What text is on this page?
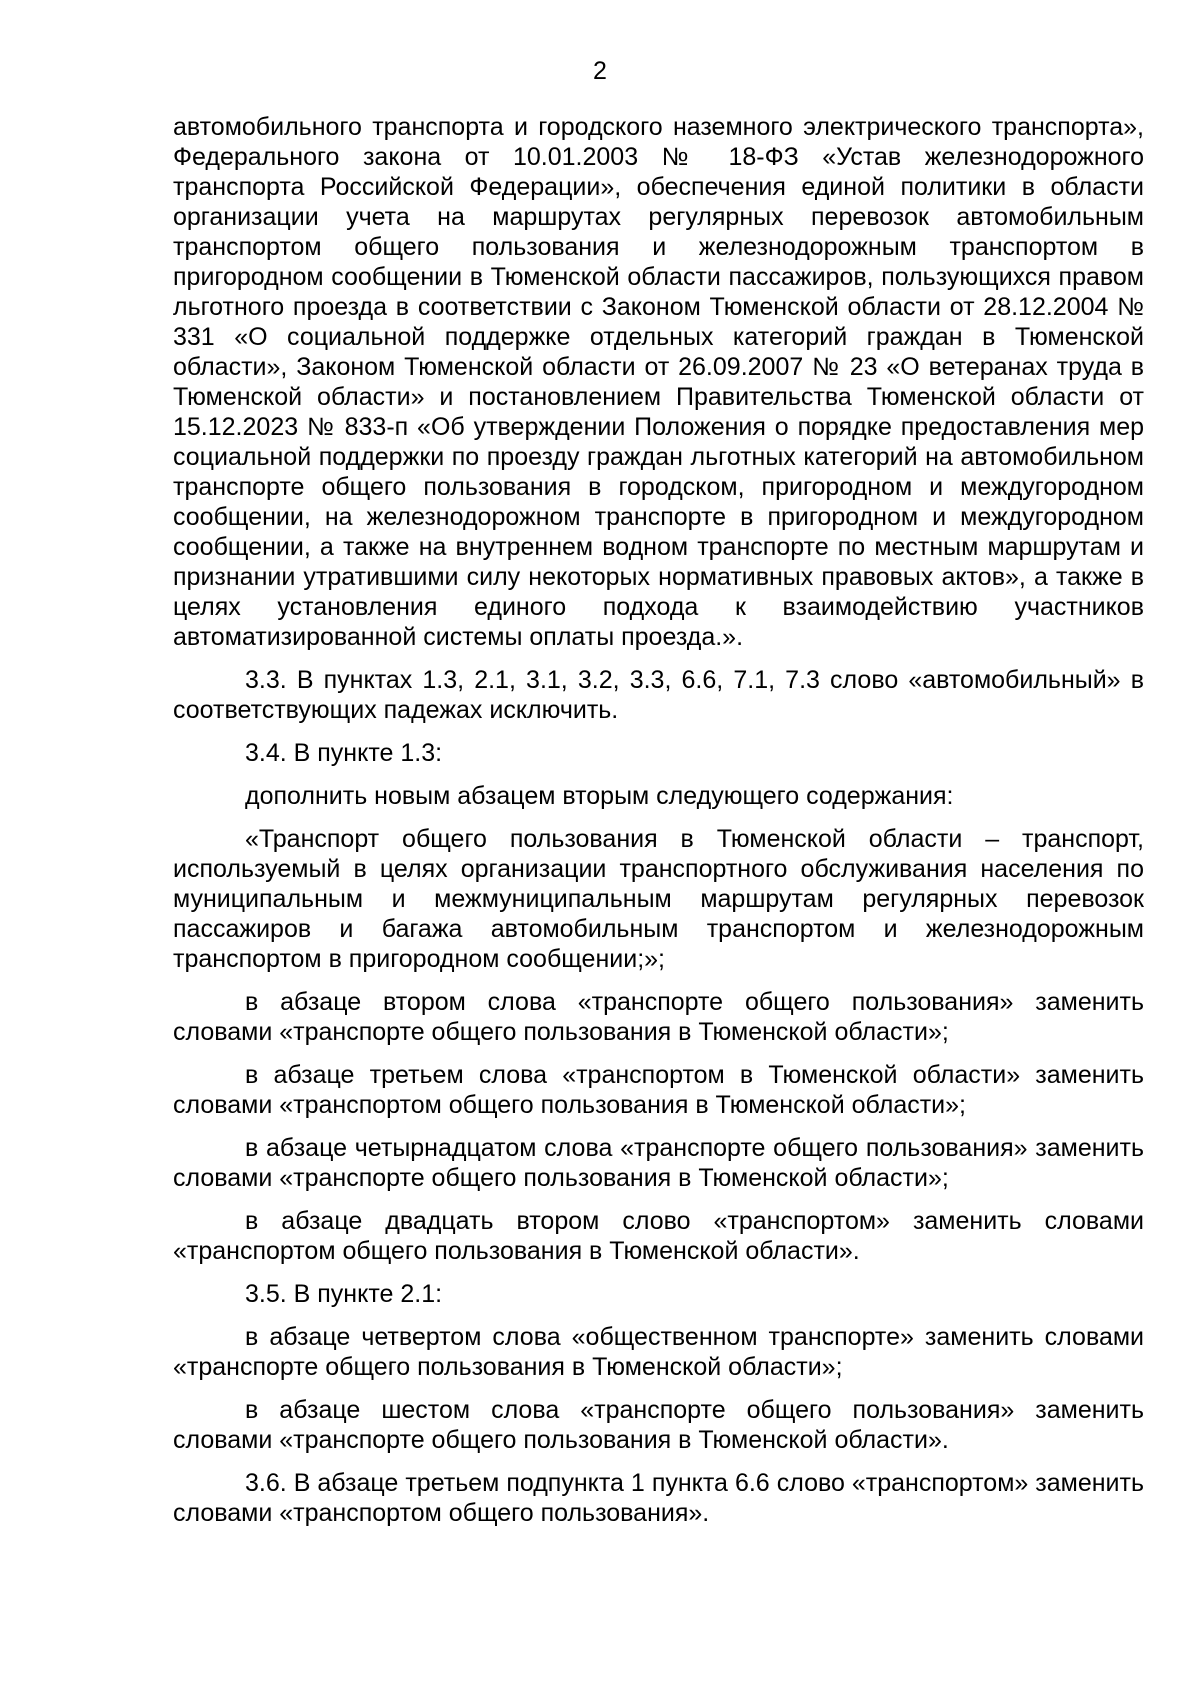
2

автомобильного транспорта и городского наземного электрического транспорта», Федерального закона от 10.01.2003 № 18-ФЗ «Устав железнодорожного транспорта Российской Федерации», обеспечения единой политики в области организации учета на маршрутах регулярных перевозок автомобильным транспортом общего пользования и железнодорожным транспортом в пригородном сообщении в Тюменской области пассажиров, пользующихся правом льготного проезда в соответствии с Законом Тюменской области от 28.12.2004 № 331 «О социальной поддержке отдельных категорий граждан в Тюменской области», Законом Тюменской области от 26.09.2007 № 23 «О ветеранах труда в Тюменской области» и постановлением Правительства Тюменской области от 15.12.2023 № 833-п «Об утверждении Положения о порядке предоставления мер социальной поддержки по проезду граждан льготных категорий на автомобильном транспорте общего пользования в городском, пригородном и междугородном сообщении, на железнодорожном транспорте в пригородном и междугородном сообщении, а также на внутреннем водном транспорте по местным маршрутам и признании утратившими силу некоторых нормативных правовых актов», а также в целях установления единого подхода к взаимодействию участников автоматизированной системы оплаты проезда.».

3.3. В пунктах 1.3, 2.1, 3.1, 3.2, 3.3, 6.6, 7.1, 7.3 слово «автомобильный» в соответствующих падежах исключить.

3.4. В пункте 1.3:

дополнить новым абзацем вторым следующего содержания:

«Транспорт общего пользования в Тюменской области – транспорт, используемый в целях организации транспортного обслуживания населения по муниципальным и межмуниципальным маршрутам регулярных перевозок пассажиров и багажа автомобильным транспортом и железнодорожным транспортом в пригородном сообщении;»;

в абзаце втором слова «транспорте общего пользования» заменить словами «транспорте общего пользования в Тюменской области»;

в абзаце третьем слова «транспортом в Тюменской области» заменить словами «транспортом общего пользования в Тюменской области»;

в абзаце четырнадцатом слова «транспорте общего пользования» заменить словами «транспорте общего пользования в Тюменской области»;

в абзаце двадцать втором слово «транспортом» заменить словами «транспортом общего пользования в Тюменской области».

3.5. В пункте 2.1:

в абзаце четвертом слова «общественном транспорте» заменить словами «транспорте общего пользования в Тюменской области»;

в абзаце шестом слова «транспорте общего пользования» заменить словами «транспорте общего пользования в Тюменской области».

3.6. В абзаце третьем подпункта 1 пункта 6.6 слово «транспортом» заменить словами «транспортом общего пользования».
